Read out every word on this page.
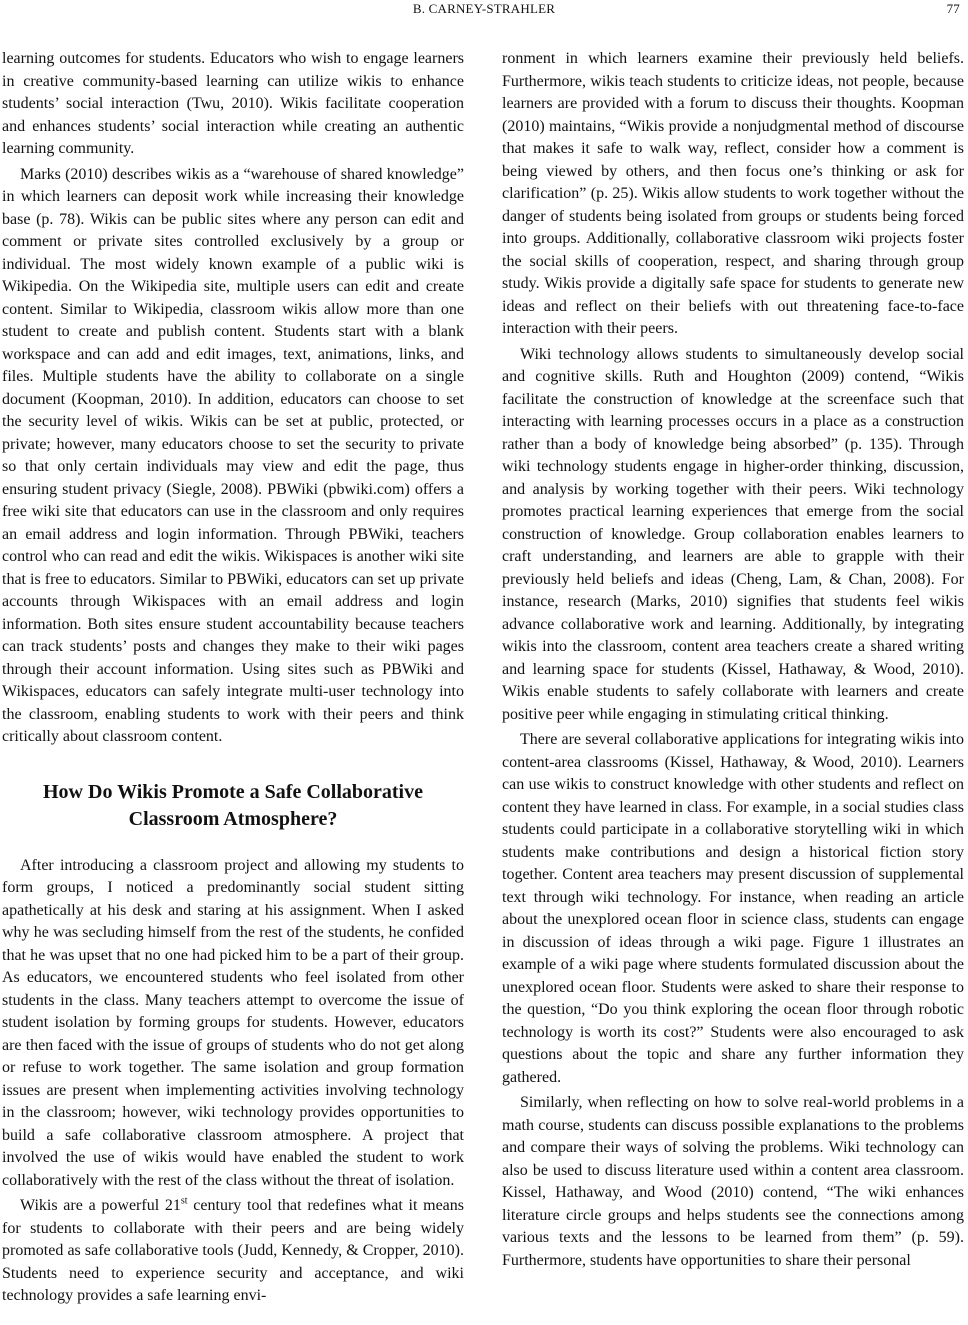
B. CARNEY-STRAHLER	77

learning outcomes for students. Educators who wish to engage learners in creative community-based learning can utilize wikis to enhance students’ social interaction (Twu, 2010). Wikis facilitate cooperation and enhances students’ social interaction while creating an authentic learning community.

Marks (2010) describes wikis as a “warehouse of shared knowledge” in which learners can deposit work while increasing their knowledge base (p. 78). Wikis can be public sites where any person can edit and comment or private sites controlled exclusively by a group or individual. The most widely known example of a public wiki is Wikipedia. On the Wikipedia site, multiple users can edit and create content. Similar to Wikipedia, classroom wikis allow more than one student to create and publish content. Students start with a blank workspace and can add and edit images, text, animations, links, and files. Multiple students have the ability to collaborate on a single document (Koopman, 2010). In addition, educators can choose to set the security level of wikis. Wikis can be set at public, protected, or private; however, many educators choose to set the security to private so that only certain individuals may view and edit the page, thus ensuring student privacy (Siegle, 2008). PBWiki (pbwiki.com) offers a free wiki site that educators can use in the classroom and only requires an email address and login information. Through PBWiki, teachers control who can read and edit the wikis. Wikispaces is another wiki site that is free to educators. Similar to PBWiki, educators can set up private accounts through Wikispaces with an email address and login information. Both sites ensure student accountability because teachers can track students’ posts and changes they make to their wiki pages through their account information. Using sites such as PBWiki and Wikispaces, educators can safely integrate multi-user technology into the classroom, enabling students to work with their peers and think critically about classroom content.

How Do Wikis Promote a Safe Collaborative Classroom Atmosphere?

After introducing a classroom project and allowing my students to form groups, I noticed a predominantly social student sitting apathetically at his desk and staring at his assignment. When I asked why he was secluding himself from the rest of the students, he confided that he was upset that no one had picked him to be a part of their group. As educators, we encountered students who feel isolated from other students in the class. Many teachers attempt to overcome the issue of student isolation by forming groups for students. However, educators are then faced with the issue of groups of students who do not get along or refuse to work together. The same isolation and group formation issues are present when implementing activities involving technology in the classroom; however, wiki technology provides opportunities to build a safe collaborative classroom atmosphere. A project that involved the use of wikis would have enabled the student to work collaboratively with the rest of the class without the threat of isolation.

Wikis are a powerful 21st century tool that redefines what it means for students to collaborate with their peers and are being widely promoted as safe collaborative tools (Judd, Kennedy, & Cropper, 2010). Students need to experience security and acceptance, and wiki technology provides a safe learning envi-

ronment in which learners examine their previously held beliefs. Furthermore, wikis teach students to criticize ideas, not people, because learners are provided with a forum to discuss their thoughts. Koopman (2010) maintains, “Wikis provide a nonjudgmental method of discourse that makes it safe to walk way, reflect, consider how a comment is being viewed by others, and then focus one’s thinking or ask for clarification” (p. 25). Wikis allow students to work together without the danger of students being isolated from groups or students being forced into groups. Additionally, collaborative classroom wiki projects foster the social skills of cooperation, respect, and sharing through group study. Wikis provide a digitally safe space for students to generate new ideas and reflect on their beliefs with out threatening face-to-face interaction with their peers.

Wiki technology allows students to simultaneously develop social and cognitive skills. Ruth and Houghton (2009) contend, “Wikis facilitate the construction of knowledge at the screenface such that interacting with learning processes occurs in a place as a construction rather than a body of knowledge being absorbed” (p. 135). Through wiki technology students engage in higher-order thinking, discussion, and analysis by working together with their peers. Wiki technology promotes practical learning experiences that emerge from the social construction of knowledge. Group collaboration enables learners to craft understanding, and learners are able to grapple with their previously held beliefs and ideas (Cheng, Lam, & Chan, 2008). For instance, research (Marks, 2010) signifies that students feel wikis advance collaborative work and learning. Additionally, by integrating wikis into the classroom, content area teachers create a shared writing and learning space for students (Kissel, Hathaway, & Wood, 2010). Wikis enable students to safely collaborate with learners and create positive peer while engaging in stimulating critical thinking.

There are several collaborative applications for integrating wikis into content-area classrooms (Kissel, Hathaway, & Wood, 2010). Learners can use wikis to construct knowledge with other students and reflect on content they have learned in class. For example, in a social studies class students could participate in a collaborative storytelling wiki in which students make contributions and design a historical fiction story together. Content area teachers may present discussion of supplemental text through wiki technology. For instance, when reading an article about the unexplored ocean floor in science class, students can engage in discussion of ideas through a wiki page. Figure 1 illustrates an example of a wiki page where students formulated discussion about the unexplored ocean floor. Students were asked to share their response to the question, “Do you think exploring the ocean floor through robotic technology is worth its cost?” Students were also encouraged to ask questions about the topic and share any further information they gathered.

Similarly, when reflecting on how to solve real-world problems in a math course, students can discuss possible explanations to the problems and compare their ways of solving the problems. Wiki technology can also be used to discuss literature used within a content area classroom. Kissel, Hathaway, and Wood (2010) contend, “The wiki enhances literature circle groups and helps students see the connections among various texts and the lessons to be learned from them” (p. 59). Furthermore, students have opportunities to share their personal
